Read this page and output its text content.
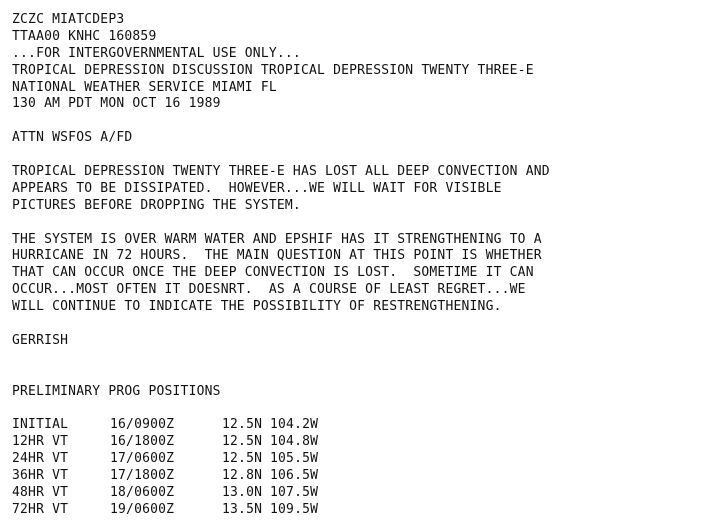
ZCZC MIATCDEP3
TTAA00 KNHC 160859
...FOR INTERGOVERNMENTAL USE ONLY...
TROPICAL DEPRESSION DISCUSSION TROPICAL DEPRESSION TWENTY THREE-E
NATIONAL WEATHER SERVICE MIAMI FL
130 AM PDT MON OCT 16 1989
ATTN WSFOS A/FD
TROPICAL DEPRESSION TWENTY THREE-E HAS LOST ALL DEEP CONVECTION AND
APPEARS TO BE DISSIPATED.  HOWEVER...WE WILL WAIT FOR VISIBLE
PICTURES BEFORE DROPPING THE SYSTEM.
THE SYSTEM IS OVER WARM WATER AND EPSHIF HAS IT STRENGTHENING TO A
HURRICANE IN 72 HOURS.  THE MAIN QUESTION AT THIS POINT IS WHETHER
THAT CAN OCCUR ONCE THE DEEP CONVECTION IS LOST.  SOMETIME IT CAN
OCCUR...MOST OFTEN IT DOESNRT.  AS A COURSE OF LEAST REGRET...WE
WILL CONTINUE TO INDICATE THE POSSIBILITY OF RESTRENGTHENING.
GERRISH
PRELIMINARY PROG POSITIONS
INITIAL	16/0900Z	12.5N 104.2W
12HR VT	16/1800Z	12.5N 104.8W
24HR VT	17/0600Z	12.5N 105.5W
36HR VT	17/1800Z	12.8N 106.5W
48HR VT	18/0600Z	13.0N 107.5W
72HR VT	19/0600Z	13.5N 109.5W
